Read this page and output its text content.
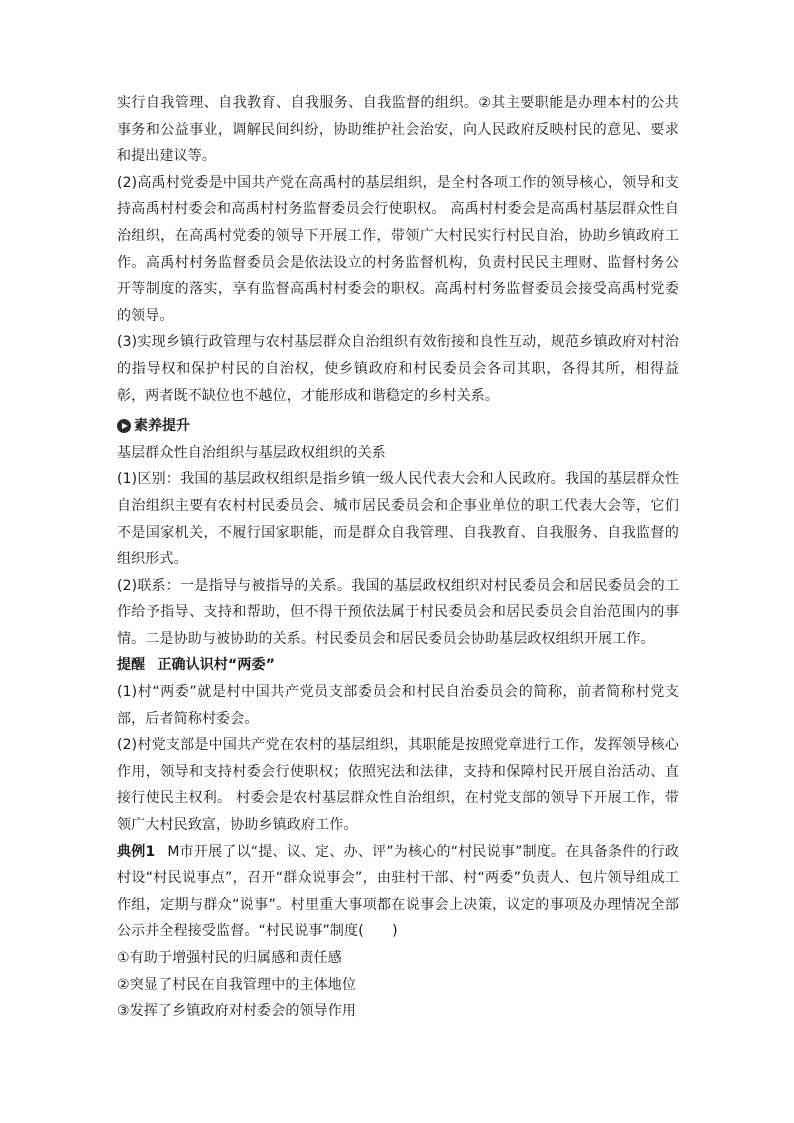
实行自我管理、自我教育、自我服务、自我监督的组织。②其主要职能是办理本村的公共事务和公益事业，调解民间纠纷，协助维护社会治安，向人民政府反映村民的意见、要求和提出建议等。

(2)高禹村党委是中国共产党在高禹村的基层组织，是全村各项工作的领导核心，领导和支持高禹村村委会和高禹村村务监督委员会行使职权。 高禹村村委会是高禹村基层群众性自治组织，在高禹村党委的领导下开展工作，带领广大村民实行村民自治，协助乡镇政府工作。高禹村村务监督委员会是依法设立的村务监督机构，负责村民民主理财、监督村务公开等制度的落实，享有监督高禹村村委会的职权。高禹村村务监督委员会接受高禹村党委的领导。

(3)实现乡镇行政管理与农村基层群众自治组织有效衔接和良性互动，规范乡镇政府对村治的指导权和保护村民的自治权，使乡镇政府和村民委员会各司其职，各得其所，相得益彰，两者既不缺位也不越位，才能形成和谐稳定的乡村关系。

素养提升

基层群众性自治组织与基层政权组织的关系

(1)区别：我国的基层政权组织是指乡镇一级人民代表大会和人民政府。我国的基层群众性自治组织主要有农村村民委员会、城市居民委员会和企事业单位的职工代表大会等，它们不是国家机关，不履行国家职能，而是群众自我管理、自我教育、自我服务、自我监督的组织形式。

(2)联系：一是指导与被指导的关系。我国的基层政权组织对村民委员会和居民委员会的工作给予指导、支持和帮助，但不得干预依法属于村民委员会和居民委员会自治范围内的事情。二是协助与被协助的关系。村民委员会和居民委员会协助基层政权组织开展工作。

提醒 正确认识村“两委”

(1)村“两委”就是村中国共产党员支部委员会和村民自治委员会的简称，前者简称村党支部，后者简称村委会。

(2)村党支部是中国共产党在农村的基层组织，其职能是按照党章进行工作，发挥领导核心作用，领导和支持村委会行使职权；依照宪法和法律，支持和保障村民开展自治活动、直接行使民主权利。 村委会是农村基层群众性自治组织，在村党支部的领导下开展工作，带领广大村民致富，协助乡镇政府工作。

典例1 M市开展了以“提、议、定、办、评”为核心的“村民说事”制度。在具备条件的行政村设“村民说事点”，召开“群众说事会”，由驻村干部、村“两委”负责人、包片领导组成工作组，定期与群众“说事”。村里重大事项都在说事会上决策，议定的事项及办理情况全部公示并全程接受监督。“村民说事”制度(　　)

①有助于增强村民的归属感和责任感

②突显了村民在自我管理中的主体地位

③发挥了乡镇政府对村委会的领导作用
